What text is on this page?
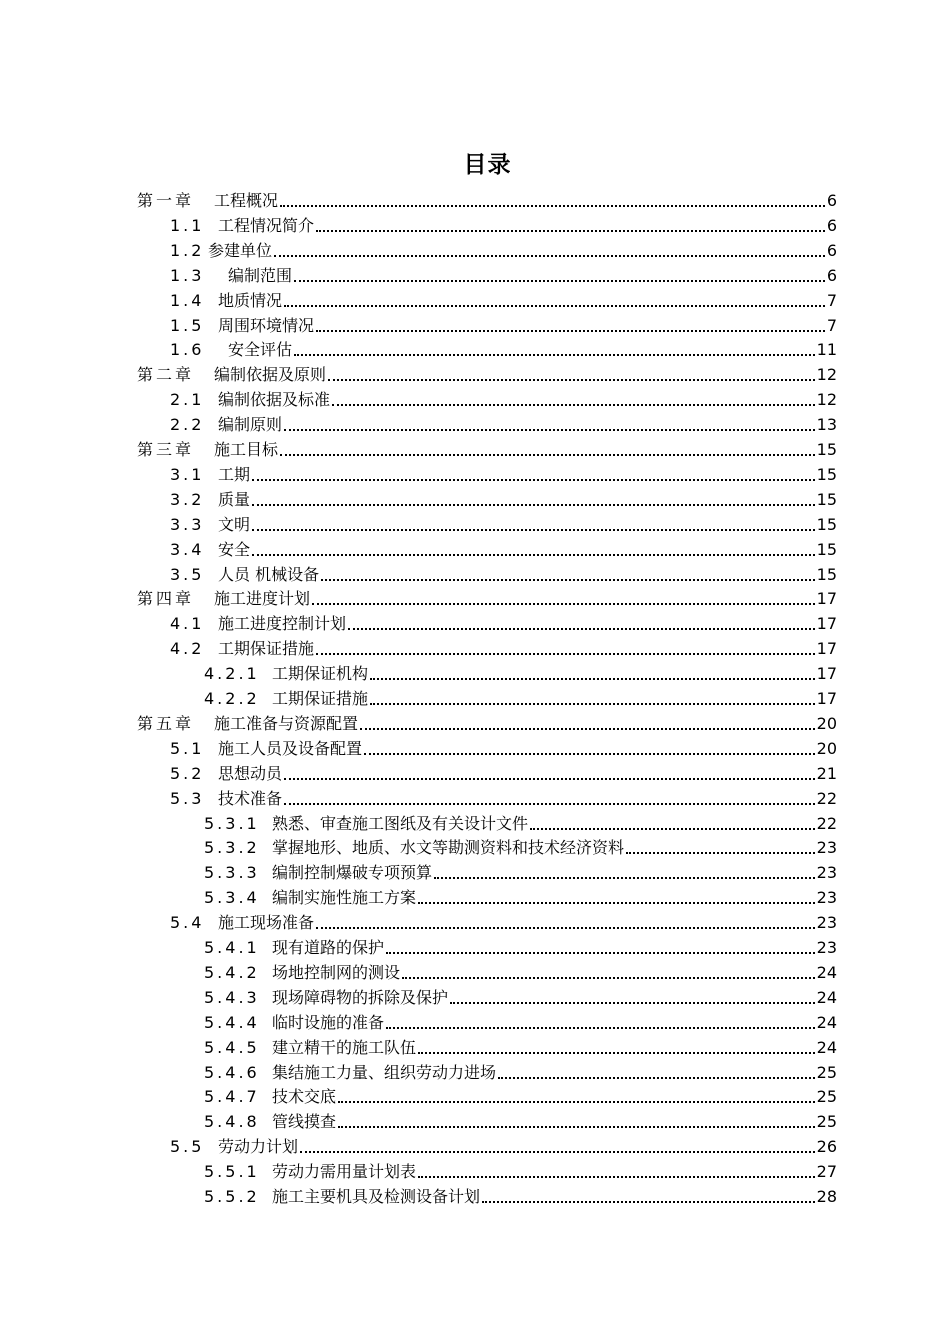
目录
第一章 工程概况	6
1.1 工程情况简介	6
1.2 参建单位	6
1.3 编制范围	6
1.4 地质情况	7
1.5 周围环境情况	7
1.6 安全评估	11
第二章 编制依据及原则	12
2.1 编制依据及标准	12
2.2 编制原则	13
第三章 施工目标	15
3.1 工期	15
3.2 质量	15
3.3 文明	15
3.4 安全	15
3.5 人员 机械设备	15
第四章 施工进度计划	17
4.1 施工进度控制计划	17
4.2 工期保证措施	17
4.2.1 工期保证机构	17
4.2.2 工期保证措施	17
第五章 施工准备与资源配置	20
5.1 施工人员及设备配置	20
5.2 思想动员	21
5.3 技术准备	22
5.3.1 熟悉、审查施工图纸及有关设计文件	22
5.3.2 掌握地形、地质、水文等勘测资料和技术经济资料	23
5.3.3 编制控制爆破专项预算	23
5.3.4 编制实施性施工方案	23
5.4 施工现场准备	23
5.4.1 现有道路的保护	23
5.4.2 场地控制网的测设	24
5.4.3 现场障碍物的拆除及保护	24
5.4.4 临时设施的准备	24
5.4.5 建立精干的施工队伍	24
5.4.6 集结施工力量、组织劳动力进场	25
5.4.7 技术交底	25
5.4.8 管线摸查	25
5.5 劳动力计划	26
5.5.1 劳动力需用量计划表	27
5.5.2 施工主要机具及检测设备计划	28
